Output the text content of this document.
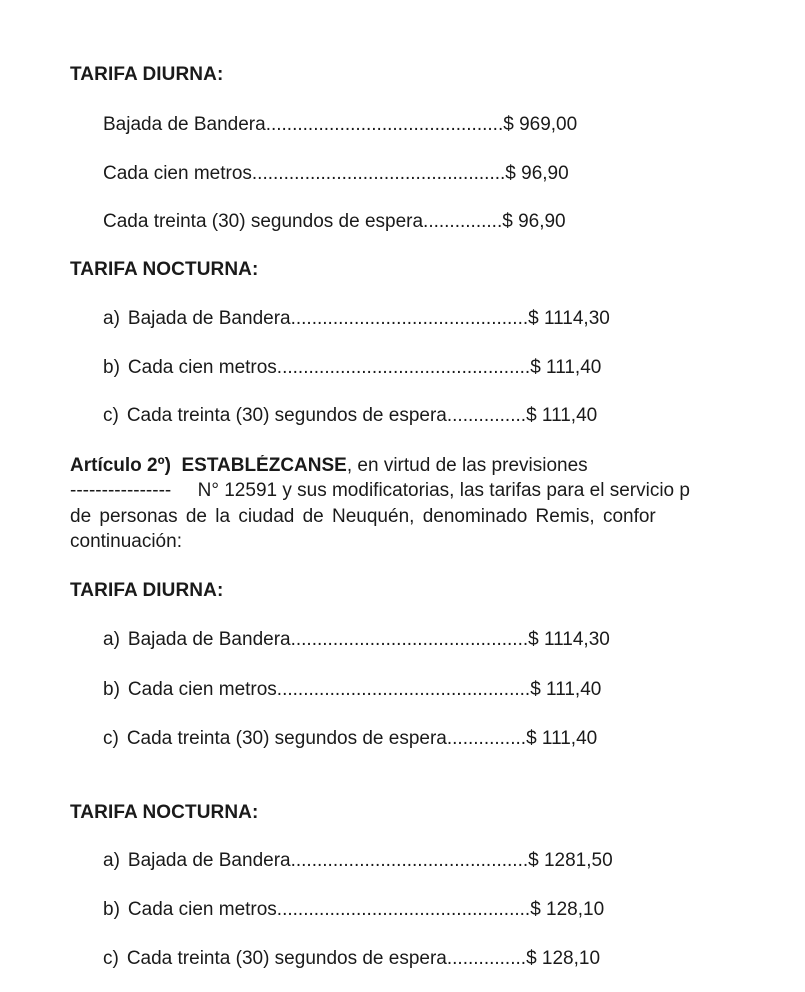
TARIFA DIURNA:
Bajada de Bandera.............................................$ 969,00
Cada cien metros................................................$ 96,90
Cada treinta (30) segundos de espera...............$ 96,90
TARIFA NOCTURNA:
a) Bajada de Bandera.............................................$ 1114,30
b) Cada cien metros................................................$ 111,40
c) Cada treinta (30) segundos de espera...............$ 111,40
Artículo 2º) ESTABLÉZCANSE, en virtud de las previsiones
---------------- N° 12591 y sus modificatorias, las tarifas para el servicio p
de personas de la ciudad de Neuquén, denominado Remis, confor
continuación:
TARIFA DIURNA:
a) Bajada de Bandera.............................................$ 1114,30
b) Cada cien metros................................................$ 111,40
c) Cada treinta (30) segundos de espera...............$ 111,40
TARIFA NOCTURNA:
a) Bajada de Bandera.............................................$ 1281,50
b) Cada cien metros................................................$ 128,10
c) Cada treinta (30) segundos de espera...............$ 128,10
